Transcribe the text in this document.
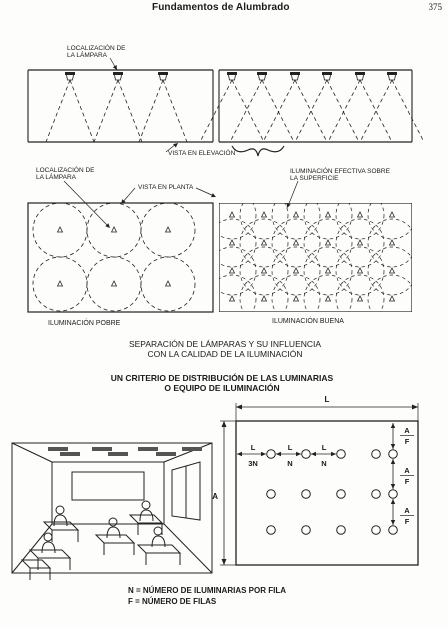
Fundamentos de Alumbrado	375
L
A
L
3N
L
N
L
N
A
F
A
F
A
F
LOCALIZACIÓN DE
LA LÁMPARA
VISTA EN ELEVACIÓN
LOCALIZACIÓN DE
LA LÁMPARA
VISTA EN PLANTA
ILUMINACIÓN EFECTIVA SOBRE
LA SUPERFICIE
ILUMINACIÓN POBRE	ILUMINACIÓN BUENA
SEPARACIÓN DE LÁMPARAS Y SU INFLUENCIA
CON LA CALIDAD DE LA ILUMINACIÓN
UN CRITERIO DE DISTRIBUCIÓN DE LAS LUMINARIAS
O EQUIPO DE ILUMINACIÓN
N = NÚMERO DE ILUMINARIAS POR FILA
F = NÚMERO DE FILAS
